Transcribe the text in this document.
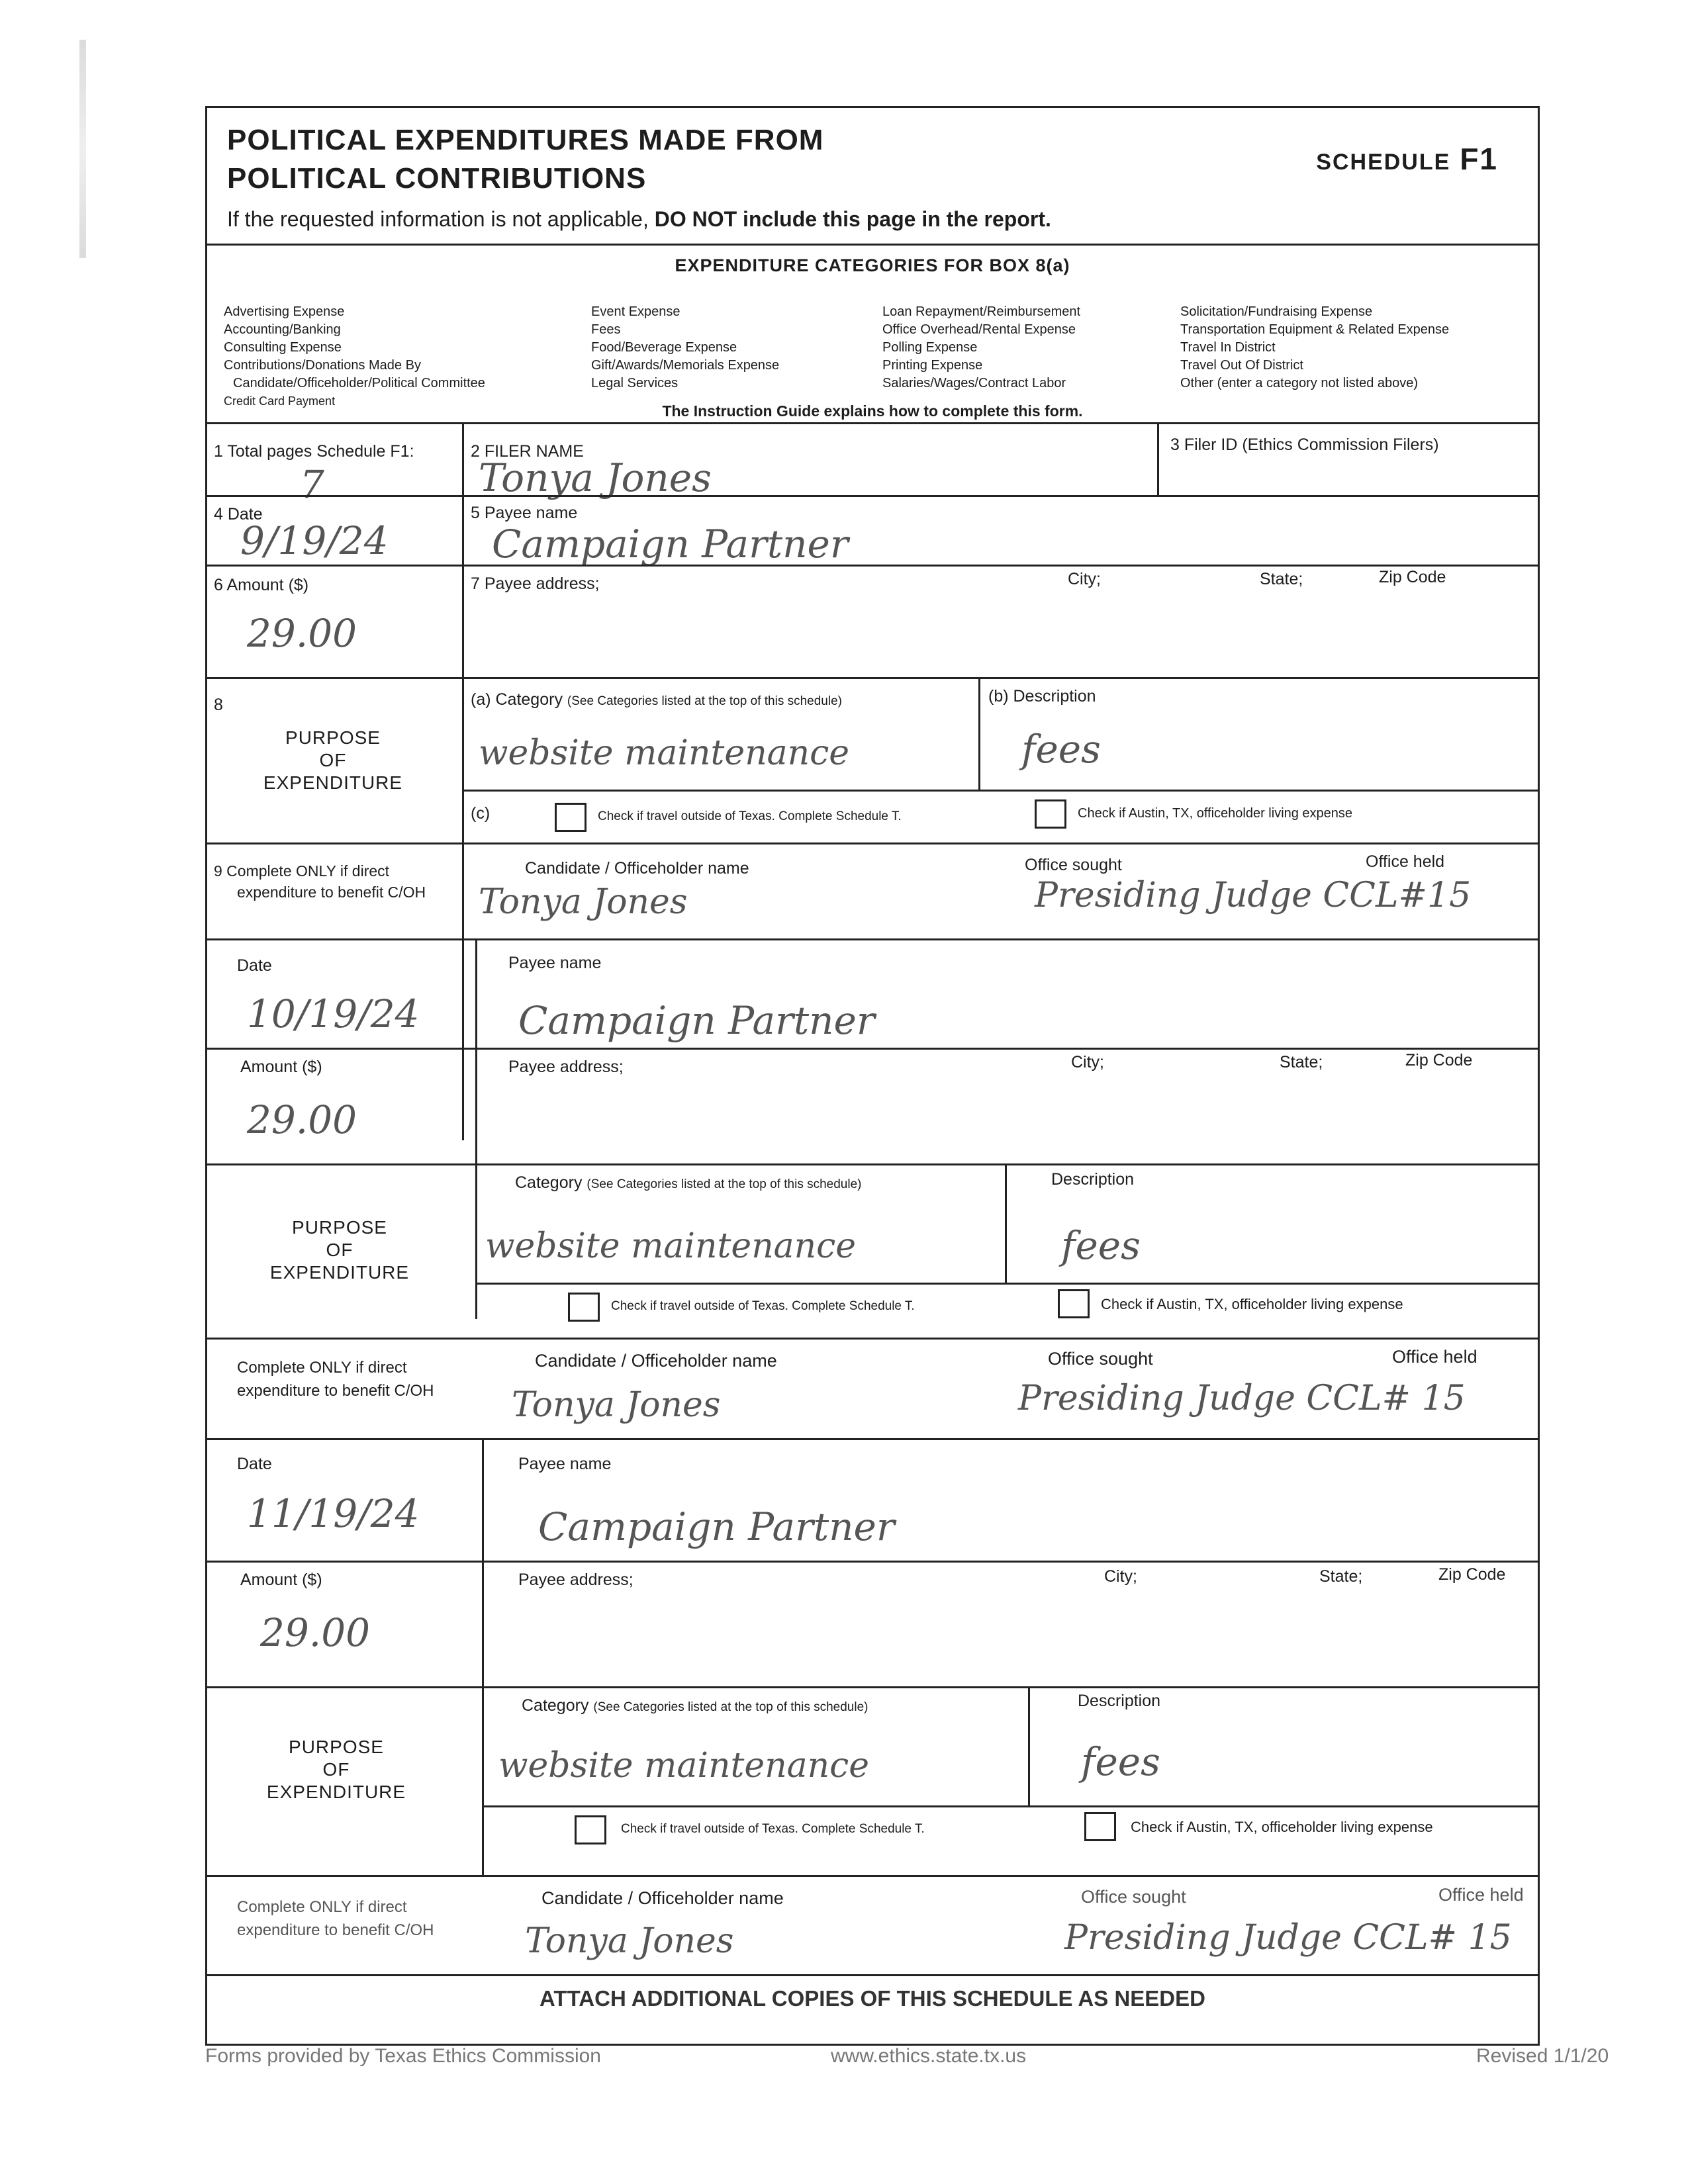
POLITICAL EXPENDITURES MADE FROM
POLITICAL CONTRIBUTIONS	SCHEDULE F1
If the requested information is not applicable, DO NOT include this page in the report.
EXPENDITURE CATEGORIES FOR BOX 8(a)
Advertising Expense
Accounting/Banking
Consulting Expense
Contributions/Donations Made By
Candidate/Officeholder/Political Committee
Credit Card Payment
Event Expense
Fees
Food/Beverage Expense
Gift/Awards/Memorials Expense
Legal Services
Loan Repayment/Reimbursement
Office Overhead/Rental Expense
Polling Expense
Printing Expense
Salaries/Wages/Contract Labor
Solicitation/Fundraising Expense
Transportation Equipment & Related Expense
Travel In District
Travel Out Of District
Other (enter a category not listed above)
The Instruction Guide explains how to complete this form.
1 Total pages Schedule F1:
7
2 FILER NAME
Tonya Jones
3 Filer ID (Ethics Commission Filers)
4 Date
9/19/24
5 Payee name
Campaign Partner
6 Amount ($)
29.00
7 Payee address;	City;	State;	Zip Code
8
PURPOSE
OF
EXPENDITURE
(a) Category (See Categories listed at the top of this schedule)	(b) Description
website maintenance	fees
(c)	Check if travel outside of Texas. Complete Schedule T.	Check if Austin, TX, officeholder living expense
9 Complete ONLY if direct
expenditure to benefit C/OH
Candidate / Officeholder name	Office sought	Office held
Tonya Jones	Presiding Judge CCL#15
Date
10/19/24
Payee name
Campaign Partner
Amount ($)
29.00
Payee address;	City;	State;	Zip Code
PURPOSE
OF
EXPENDITURE
Category (See Categories listed at the top of this schedule)	Description
website maintenance	fees
Check if travel outside of Texas. Complete Schedule T.	Check if Austin, TX, officeholder living expense
Complete ONLY if direct
expenditure to benefit C/OH
Candidate / Officeholder name	Office sought	Office held
Tonya Jones	Presiding Judge CCL# 15
Date
11/19/24
Payee name
Campaign Partner
Amount ($)
29.00
Payee address;	City;	State;	Zip Code
PURPOSE
OF
EXPENDITURE
Category (See Categories listed at the top of this schedule)	Description
website maintenance	fees
Check if travel outside of Texas. Complete Schedule T.	Check if Austin, TX, officeholder living expense
Complete ONLY if direct
expenditure to benefit C/OH
Candidate / Officeholder name	Office sought	Office held
Tonya Jones	Presiding Judge CCL# 15
ATTACH ADDITIONAL COPIES OF THIS SCHEDULE AS NEEDED
Forms provided by Texas Ethics Commission	www.ethics.state.tx.us	Revised 1/1/20
